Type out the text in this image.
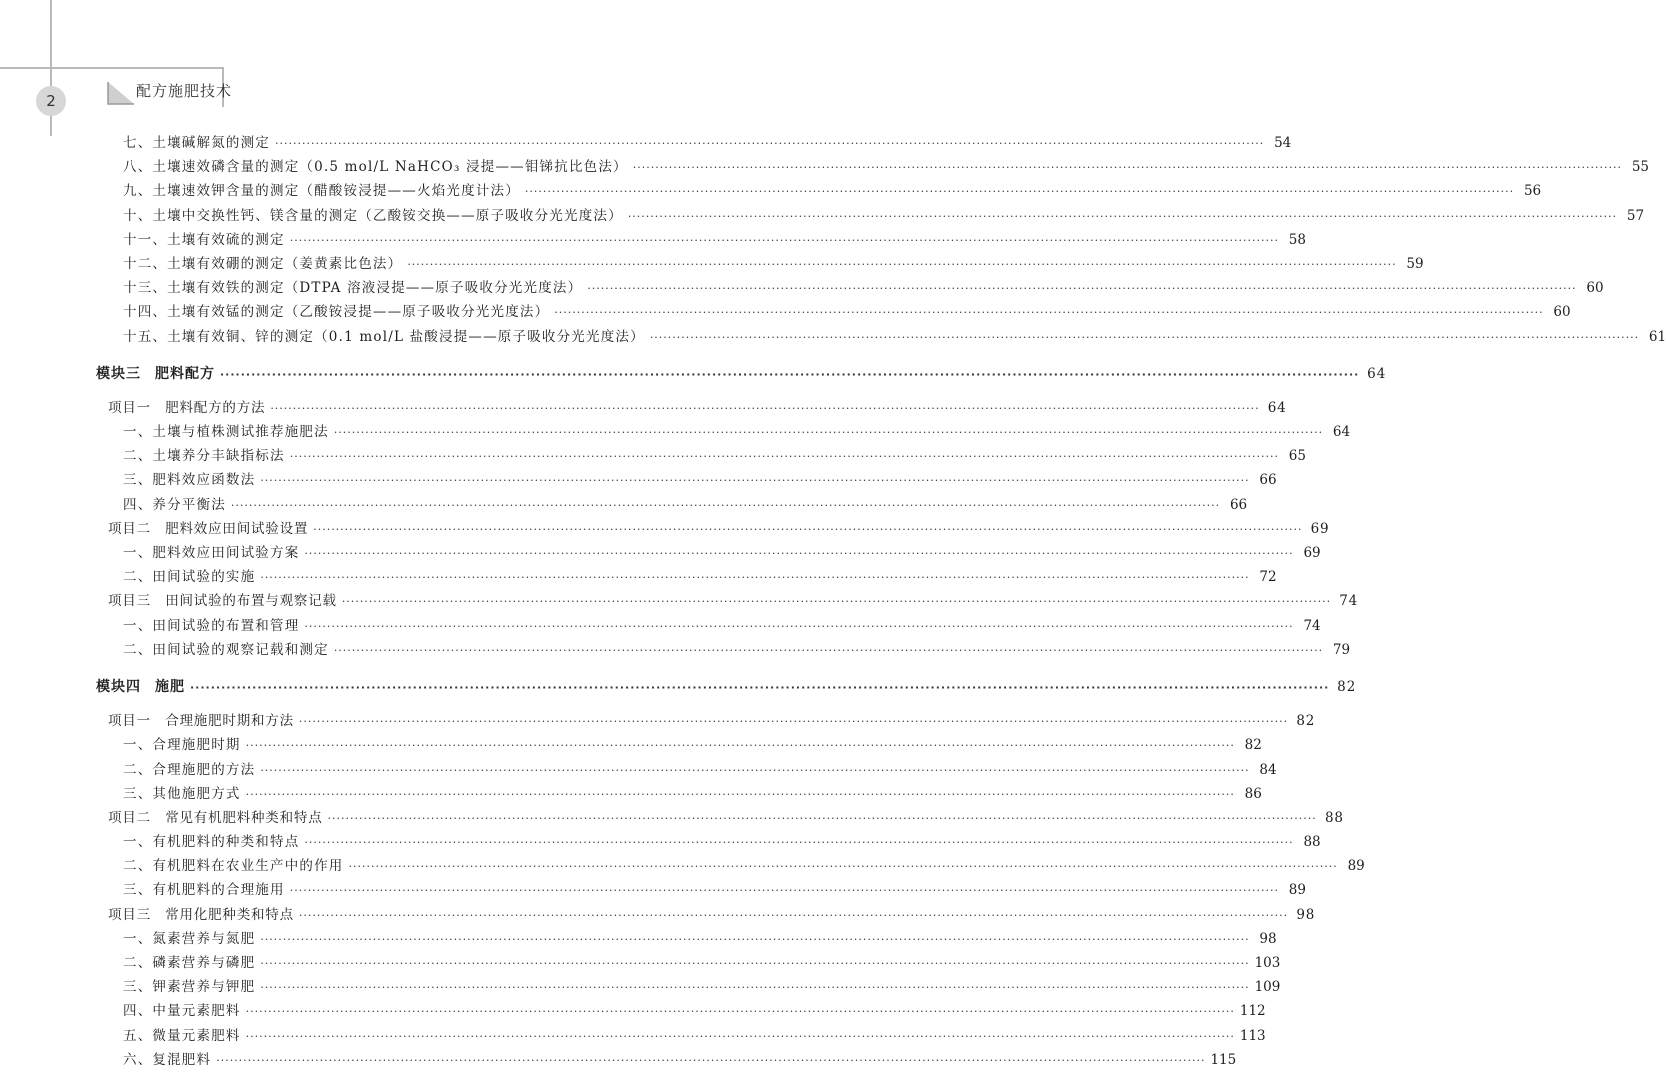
2
配方施肥技术
七、土壤碱解氮的测定 ···························································································································································································································· 54
八、土壤速效磷含量的测定（0.5 mol/L NaHCO₃ 浸提——钼锑抗比色法） ···························································································································································································································· 55
九、土壤速效钾含量的测定（醋酸铵浸提——火焰光度计法） ···························································································································································································································· 56
十、土壤中交换性钙、镁含量的测定（乙酸铵交换——原子吸收分光光度法） ···························································································································································································································· 57
十一、土壤有效硫的测定 ···························································································································································································································· 58
十二、土壤有效硼的测定（姜黄素比色法） ···························································································································································································································· 59
十三、土壤有效铁的测定（DTPA 溶液浸提——原子吸收分光光度法） ···························································································································································································································· 60
十四、土壤有效锰的测定（乙酸铵浸提——原子吸收分光光度法） ···························································································································································································································· 60
十五、土壤有效铜、锌的测定（0.1 mol/L 盐酸浸提——原子吸收分光光度法） ···························································································································································································································· 61
模块三 肥料配方 ···························································································································································································································· 64
项目一　肥料配方的方法 ···························································································································································································································· 64
一、土壤与植株测试推荐施肥法 ···························································································································································································································· 64
二、土壤养分丰缺指标法 ···························································································································································································································· 65
三、肥料效应函数法 ···························································································································································································································· 66
四、养分平衡法 ···························································································································································································································· 66
项目二　肥料效应田间试验设置 ···························································································································································································································· 69
一、肥料效应田间试验方案 ···························································································································································································································· 69
二、田间试验的实施 ···························································································································································································································· 72
项目三　田间试验的布置与观察记载 ···························································································································································································································· 74
一、田间试验的布置和管理 ···························································································································································································································· 74
二、田间试验的观察记载和测定 ···························································································································································································································· 79
模块四 施肥 ···························································································································································································································· 82
项目一　合理施肥时期和方法 ···························································································································································································································· 82
一、合理施肥时期 ···························································································································································································································· 82
二、合理施肥的方法 ···························································································································································································································· 84
三、其他施肥方式 ···························································································································································································································· 86
项目二　常见有机肥料种类和特点 ···························································································································································································································· 88
一、有机肥料的种类和特点 ···························································································································································································································· 88
二、有机肥料在农业生产中的作用 ···························································································································································································································· 89
三、有机肥料的合理施用 ···························································································································································································································· 89
项目三　常用化肥种类和特点 ···························································································································································································································· 98
一、氮素营养与氮肥 ···························································································································································································································· 98
二、磷素营养与磷肥 ···························································································································································································································· 103
三、钾素营养与钾肥 ···························································································································································································································· 109
四、中量元素肥料 ···························································································································································································································· 112
五、微量元素肥料 ···························································································································································································································· 113
六、复混肥料 ···························································································································································································································· 115
